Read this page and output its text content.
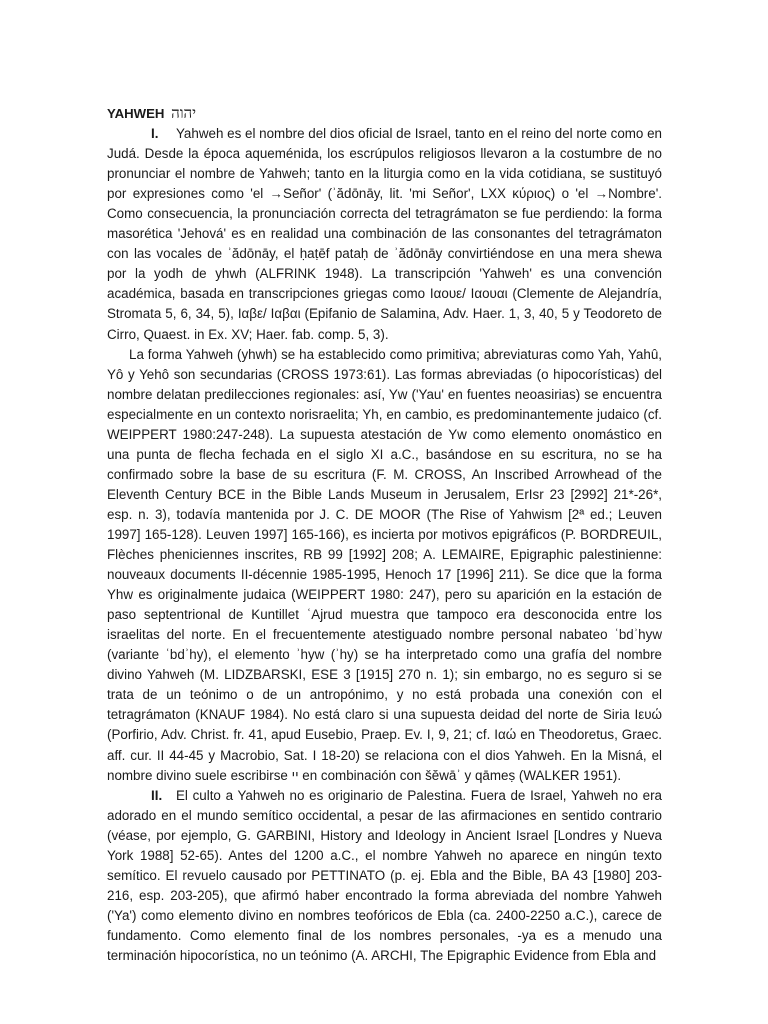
YAHWEH יהוה

I. Yahweh es el nombre del dios oficial de Israel, tanto en el reino del norte como en Judá. Desde la época aqueménida, los escrúpulos religiosos llevaron a la costumbre de no pronunciar el nombre de Yahweh; tanto en la liturgia como en la vida cotidiana, se sustituyó por expresiones como 'el →Señor' (ʾădōnāy, lit. 'mi Señor', LXX κύριος) o 'el →Nombre'. Como consecuencia, la pronunciación correcta del tetragrámaton se fue perdiendo: la forma masorética 'Jehová' es en realidad una combinación de las consonantes del tetragrámaton con las vocales de ʾădōnāy, el ḥaṭēf pataḥ de ʾădōnāy convirtiéndose en una mera shewa por la yodh de yhwh (ALFRINK 1948). La transcripción 'Yahweh' es una convención académica, basada en transcripciones griegas como Ιαουε/ Ιαουαι (Clemente de Alejandría, Stromata 5, 6, 34, 5), Ιαβε/ Ιαβαι (Epifanio de Salamina, Adv. Haer. 1, 3, 40, 5 y Teodoreto de Cirro, Quaest. in Ex. XV; Haer. fab. comp. 5, 3).

La forma Yahweh (yhwh) se ha establecido como primitiva; abreviaturas como Yah, Yahû, Yô y Yehô son secundarias (CROSS 1973:61). Las formas abreviadas (o hipocorísticas) del nombre delatan predilecciones regionales: así, Yw ('Yau' en fuentes neoasirias) se encuentra especialmente en un contexto norisraelita; Yh, en cambio, es predominantemente judaico (cf. WEIPPERT 1980:247-248). La supuesta atestación de Yw como elemento onomástico en una punta de flecha fechada en el siglo XI a.C., basándose en su escritura, no se ha confirmado sobre la base de su escritura (F. M. CROSS, An Inscribed Arrowhead of the Eleventh Century BCE in the Bible Lands Museum in Jerusalem, ErIsr 23 [2992] 21*-26*, esp. n. 3), todavía mantenida por J. C. DE MOOR (The Rise of Yahwism [2ª ed.; Leuven 1997] 165-128). Leuven 1997] 165-166), es incierta por motivos epigráficos (P. BORDREUIL, Flèches pheniciennes inscrites, RB 99 [1992] 208; A. LEMAIRE, Epigraphic palestinienne: nouveaux documents II-décennie 1985-1995, Henoch 17 [1996] 211). Se dice que la forma Yhw es originalmente judaica (WEIPPERT 1980: 247), pero su aparición en la estación de paso septentrional de Kuntillet ʿAjrud muestra que tampoco era desconocida entre los israelitas del norte. En el frecuentemente atestiguado nombre personal nabateo ʿbdʾhyw (variante ʿbdʾhy), el elemento ʾhyw (ʾhy) se ha interpretado como una grafía del nombre divino Yahweh (M. LIDZBARSKI, ESE 3 [1915] 270 n. 1); sin embargo, no es seguro si se trata de un teónimo o de un antropónimo, y no está probada una conexión con el tetragrámaton (KNAUF 1984). No está claro si una supuesta deidad del norte de Siria Ιευώ (Porfirio, Adv. Christ. fr. 41, apud Eusebio, Praep. Ev. I, 9, 21; cf. Ιαώ en Theodoretus, Graec. aff. cur. II 44-45 y Macrobio, Sat. I 18-20) se relaciona con el dios Yahweh. En la Misná, el nombre divino suele escribirse יי en combinación con šĕwāʾ y qāmeṣ (WALKER 1951).

II. El culto a Yahweh no es originario de Palestina. Fuera de Israel, Yahweh no era adorado en el mundo semítico occidental, a pesar de las afirmaciones en sentido contrario (véase, por ejemplo, G. GARBINI, History and Ideology in Ancient Israel [Londres y Nueva York 1988] 52-65). Antes del 1200 a.C., el nombre Yahweh no aparece en ningún texto semítico. El revuelo causado por PETTINATO (p. ej. Ebla and the Bible, BA 43 [1980] 203-216, esp. 203-205), que afirmó haber encontrado la forma abreviada del nombre Yahweh ('Ya') como elemento divino en nombres teofóricos de Ebla (ca. 2400-2250 a.C.), carece de fundamento. Como elemento final de los nombres personales, -ya es a menudo una terminación hipocorística, no un teónimo (A. ARCHI, The Epigraphic Evidence from Ebla and
